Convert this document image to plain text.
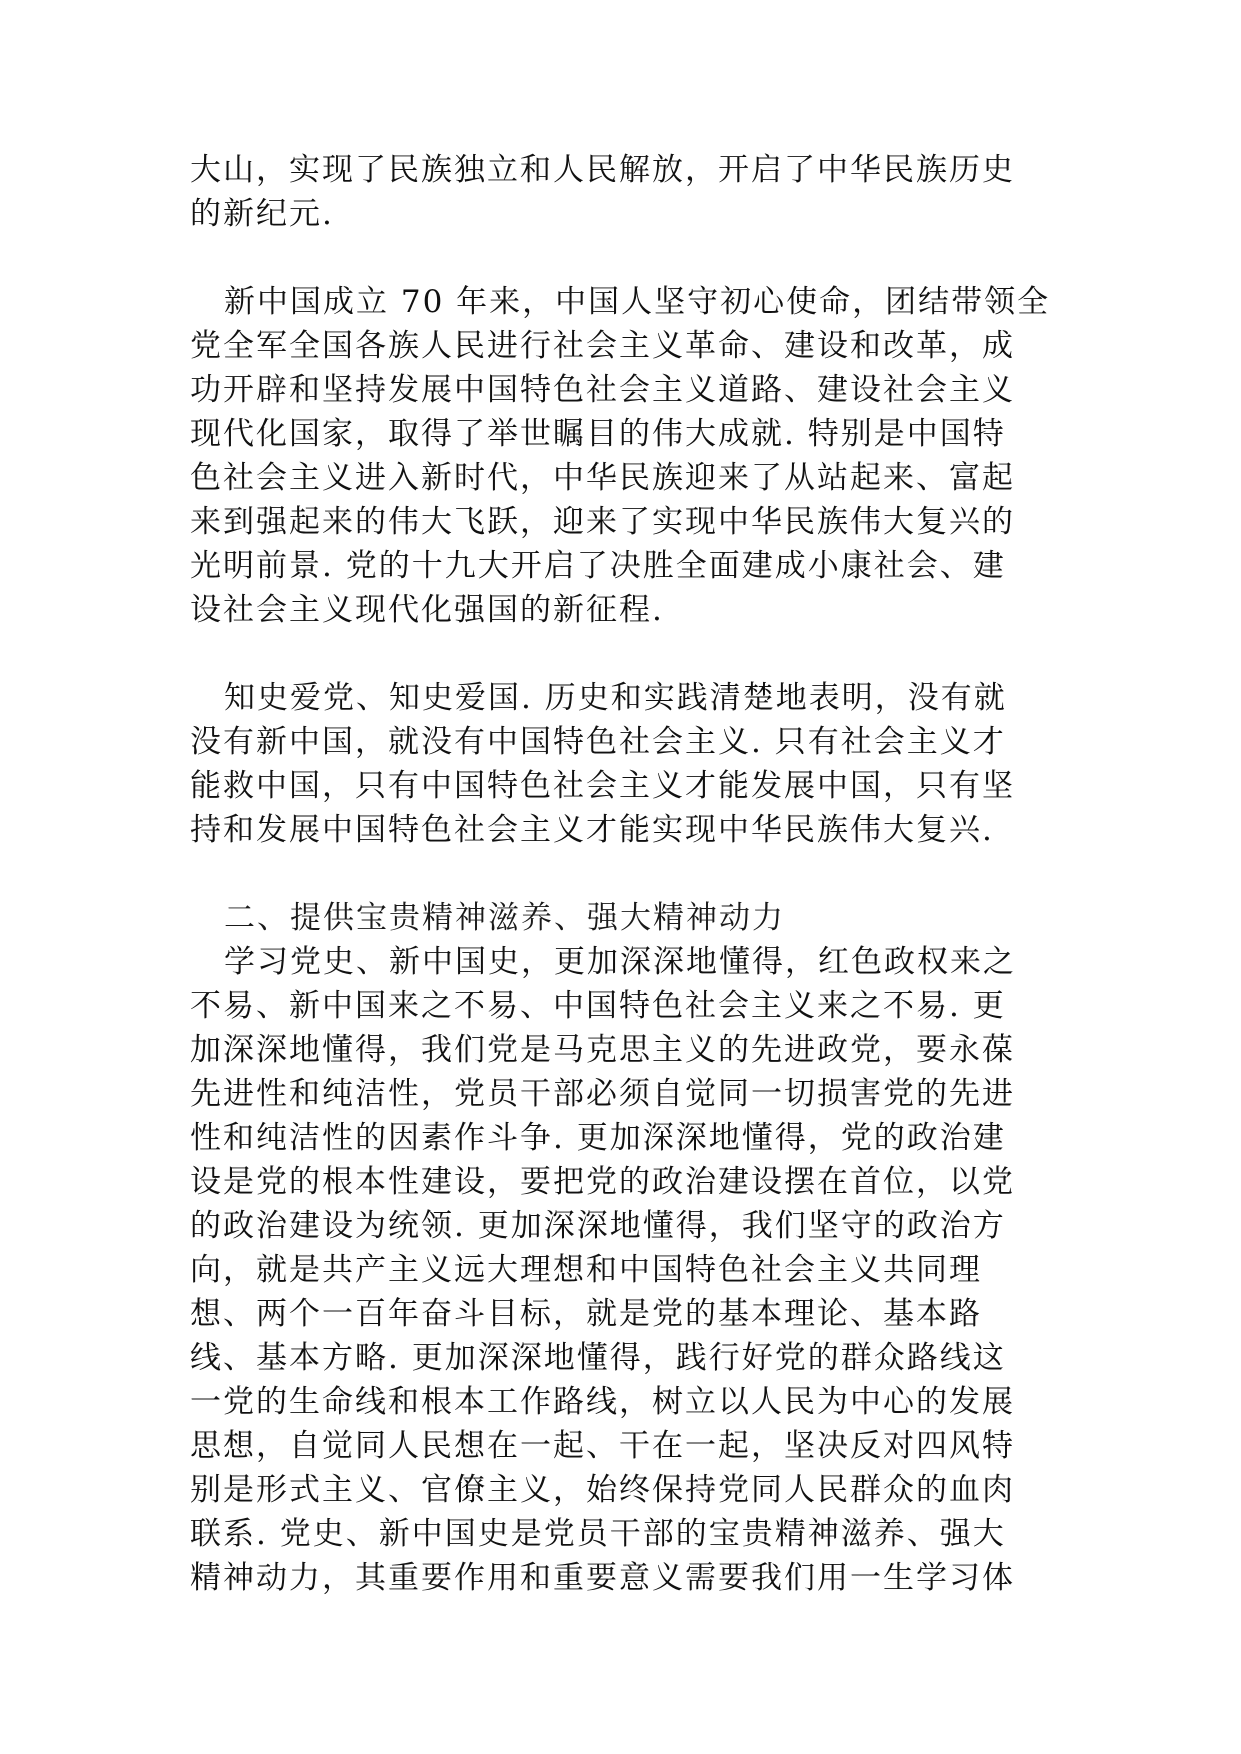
大山，实现了民族独立和人民解放，开启了中华民族历史
的新纪元.
新中国成立 70 年来，中国人坚守初心使命，团结带领全
党全军全国各族人民进行社会主义革命、建设和改革，成
功开辟和坚持发展中国特色社会主义道路、建设社会主义
现代化国家，取得了举世瞩目的伟大成就. 特别是中国特
色社会主义进入新时代，中华民族迎来了从站起来、富起
来到强起来的伟大飞跃，迎来了实现中华民族伟大复兴的
光明前景. 党的十九大开启了决胜全面建成小康社会、建
设社会主义现代化强国的新征程.
知史爱党、知史爱国. 历史和实践清楚地表明，没有就
没有新中国，就没有中国特色社会主义. 只有社会主义才
能救中国，只有中国特色社会主义才能发展中国，只有坚
持和发展中国特色社会主义才能实现中华民族伟大复兴.
二、提供宝贵精神滋养、强大精神动力
学习党史、新中国史，更加深深地懂得，红色政权来之
不易、新中国来之不易、中国特色社会主义来之不易. 更
加深深地懂得，我们党是马克思主义的先进政党，要永葆
先进性和纯洁性，党员干部必须自觉同一切损害党的先进
性和纯洁性的因素作斗争. 更加深深地懂得，党的政治建
设是党的根本性建设，要把党的政治建设摆在首位，以党
的政治建设为统领. 更加深深地懂得，我们坚守的政治方
向，就是共产主义远大理想和中国特色社会主义共同理
想、两个一百年奋斗目标，就是党的基本理论、基本路
线、基本方略. 更加深深地懂得，践行好党的群众路线这
一党的生命线和根本工作路线，树立以人民为中心的发展
思想，自觉同人民想在一起、干在一起，坚决反对四风特
别是形式主义、官僚主义，始终保持党同人民群众的血肉
联系. 党史、新中国史是党员干部的宝贵精神滋养、强大
精神动力，其重要作用和重要意义需要我们用一生学习体
